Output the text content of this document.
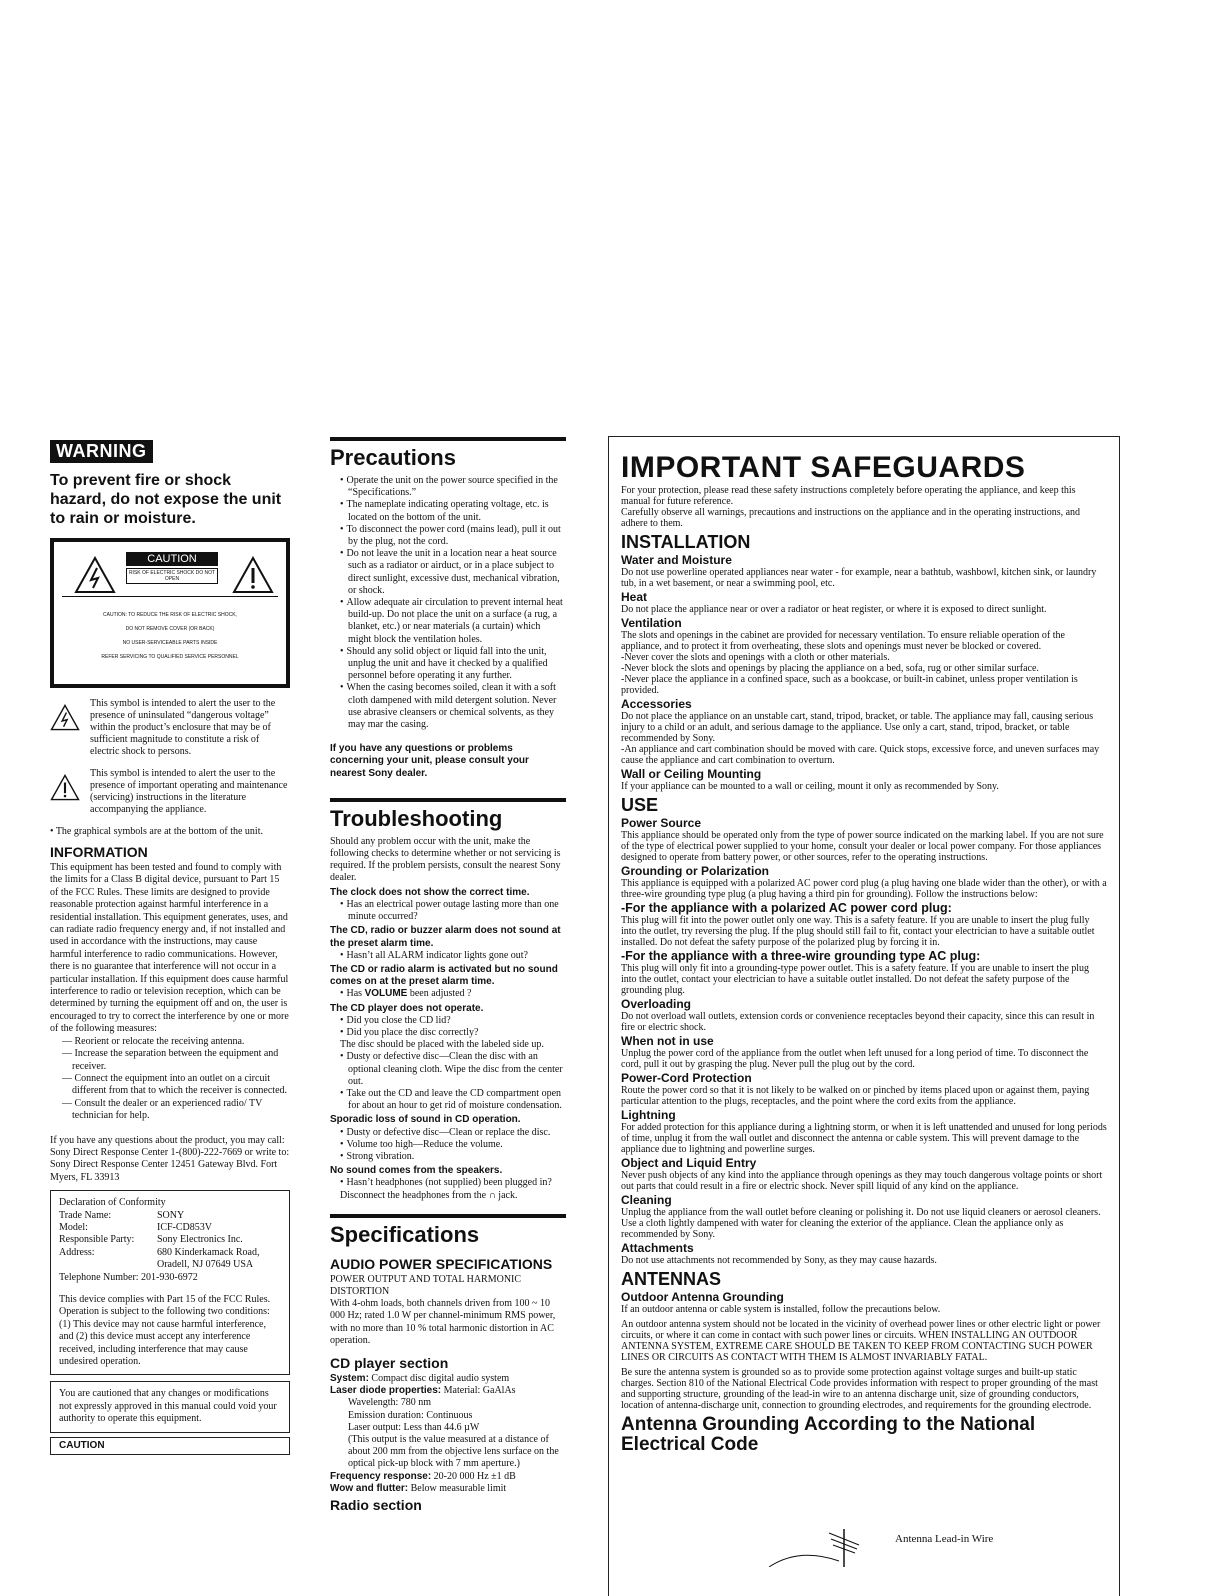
WARNING
To prevent fire or shock hazard, do not expose the unit to rain or moisture.
CAUTION
RISK OF ELECTRIC SHOCK DO NOT OPEN
CAUTION: TO REDUCE THE RISK OF ELECTRIC SHOCK,
DO NOT REMOVE COVER (OR BACK)
NO USER-SERVICEABLE PARTS INSIDE
REFER SERVICING TO QUALIFIED SERVICE PERSONNEL

This symbol is intended to alert the user to the presence of uninsulated “dangerous voltage” within the product’s enclosure that may be of sufficient magnitude to constitute a risk of electric shock to persons.

This symbol is intended to alert the user to the presence of important operating and maintenance (servicing) instructions in the literature accompanying the appliance.

• The graphical symbols are at the bottom of the unit.

INFORMATION

This equipment has been tested and found to comply with the limits for a Class B digital device, pursuant to Part 15 of the FCC Rules. These limits are designed to provide reasonable protection against harmful interference in a residential installation. This equipment generates, uses, and can radiate radio frequency energy and, if not installed and used in accordance with the instructions, may cause harmful interference to radio communications. However, there is no guarantee that interference will not occur in a particular installation. If this equipment does cause harmful interference to radio or television reception, which can be determined by turning the equipment off and on, the user is encouraged to try to correct the interference by one or more of the following measures:

— Reorient or relocate the receiving antenna.
— Increase the separation between the equipment and receiver.
— Connect the equipment into an outlet on a circuit different from that to which the receiver is connected.
— Consult the dealer or an experienced radio/ TV technician for help.

If you have any questions about the product, you may call: Sony Direct Response Center 1-(800)-222-7669 or write to: Sony Direct Response Center 12451 Gateway Blvd. Fort Myers, FL 33913

Declaration of Conformity
Trade Name:	SONY
Model:	ICF-CD853V
Responsible Party:	Sony Electronics Inc.
Address:	680 Kinderkamack Road, Oradell, NJ 07649 USA
Telephone Number: 201-930-6972
This device complies with Part 15 of the FCC Rules. Operation is subject to the following two conditions: (1) This device may not cause harmful interference, and (2) this device must accept any interference received, including interference that may cause undesired operation.
You are cautioned that any changes or modifications not expressly approved in this manual could void your authority to operate this equipment.
CAUTION
Precautions
• Operate the unit on the power source specified in the “Specifications.”
• The nameplate indicating operating voltage, etc. is located on the bottom of the unit.
• To disconnect the power cord (mains lead), pull it out by the plug, not the cord.
• Do not leave the unit in a location near a heat source such as a radiator or airduct, or in a place subject to direct sunlight, excessive dust, mechanical vibration, or shock.
• Allow adequate air circulation to prevent internal heat build-up. Do not place the unit on a surface (a rug, a blanket, etc.) or near materials (a curtain) which might block the ventilation holes.
• Should any solid object or liquid fall into the unit, unplug the unit and have it checked by a qualified personnel before operating it any further.
• When the casing becomes soiled, clean it with a soft cloth dampened with mild detergent solution. Never use abrasive cleansers or chemical solvents, as they may mar the casing.

If you have any questions or problems concerning your unit, please consult your nearest Sony dealer.

Troubleshooting

Should any problem occur with the unit, make the following checks to determine whether or not servicing is required. If the problem persists, consult the nearest Sony dealer.

The clock does not show the correct time.
• Has an electrical power outage lasting more than one minute occurred?
The CD, radio or buzzer alarm does not sound at the preset alarm time.
• Hasn’t all ALARM indicator lights gone out?
The CD or radio alarm is activated but no sound comes on at the preset alarm time.
• Has VOLUME been adjusted ?
The CD player does not operate.
• Did you close the CD lid?
• Did you place the disc correctly?
The disc should be placed with the labeled side up.
• Dusty or defective disc—Clean the disc with an optional cleaning cloth. Wipe the disc from the center out.
• Take out the CD and leave the CD compartment open for about an hour to get rid of moisture condensation.
Sporadic loss of sound in CD operation.
• Dusty or defective disc—Clean or replace the disc.
• Volume too high—Reduce the volume.
• Strong vibration.
No sound comes from the speakers.
• Hasn’t headphones (not supplied) been plugged in?
Disconnect the headphones from the ∩ jack.
Specifications
AUDIO POWER SPECIFICATIONS

POWER OUTPUT AND TOTAL HARMONIC DISTORTION

With 4-ohm loads, both channels driven from 100 ~ 10 000 Hz; rated 1.0 W per channel-minimum RMS power, with no more than 10 % total harmonic distortion in AC operation.

CD player section

System: Compact disc digital audio system

Laser diode properties: Material: GaAlAs

Wavelength: 780 nm

Emission duration: Continuous

Laser output: Less than 44.6 µW

(This output is the value measured at a distance of about 200 mm from the objective lens surface on the optical pick-up block with 7 mm aperture.)

Frequency response: 20-20 000 Hz ±1 dB

Wow and flutter: Below measurable limit

Radio section
IMPORTANT SAFEGUARDS

For your protection, please read these safety instructions completely before operating the appliance, and keep this manual for future reference.

Carefully observe all warnings, precautions and instructions on the appliance and in the operating instructions, and adhere to them.

INSTALLATION
Water and Moisture

Do not use powerline operated appliances near water - for example, near a bathtub, washbowl, kitchen sink, or laundry tub, in a wet basement, or near a swimming pool, etc.

Heat

Do not place the appliance near or over a radiator or heat register, or where it is exposed to direct sunlight.

Ventilation

The slots and openings in the cabinet are provided for necessary ventilation. To ensure reliable operation of the appliance, and to protect it from overheating, these slots and openings must never be blocked or covered.

-Never cover the slots and openings with a cloth or other materials.

-Never block the slots and openings by placing the appliance on a bed, sofa, rug or other similar surface.

-Never place the appliance in a confined space, such as a bookcase, or built-in cabinet, unless proper ventilation is provided.

Accessories

Do not place the appliance on an unstable cart, stand, tripod, bracket, or table. The appliance may fall, causing serious injury to a child or an adult, and serious damage to the appliance. Use only a cart, stand, tripod, bracket, or table recommended by Sony.

-An appliance and cart combination should be moved with care. Quick stops, excessive force, and uneven surfaces may cause the appliance and cart combination to overturn.

Wall or Ceiling Mounting

If your appliance can be mounted to a wall or ceiling, mount it only as recommended by Sony.

USE
Power Source

This appliance should be operated only from the type of power source indicated on the marking label. If you are not sure of the type of electrical power supplied to your home, consult your dealer or local power company. For those appliances designed to operate from battery power, or other sources, refer to the operating instructions.

Grounding or Polarization

This appliance is equipped with a polarized AC power cord plug (a plug having one blade wider than the other), or with a three-wire grounding type plug (a plug having a third pin for grounding). Follow the instructions below:

-For the appliance with a polarized AC power cord plug:

This plug will fit into the power outlet only one way. This is a safety feature. If you are unable to insert the plug fully into the outlet, try reversing the plug. If the plug should still fail to fit, contact your electrician to have a suitable outlet installed. Do not defeat the safety purpose of the polarized plug by forcing it in.

-For the appliance with a three-wire grounding type AC plug:

This plug will only fit into a grounding-type power outlet. This is a safety feature. If you are unable to insert the plug into the outlet, contact your electrician to have a suitable outlet installed. Do not defeat the safety purpose of the grounding plug.

Overloading

Do not overload wall outlets, extension cords or convenience receptacles beyond their capacity, since this can result in fire or electric shock.

When not in use

Unplug the power cord of the appliance from the outlet when left unused for a long period of time. To disconnect the cord, pull it out by grasping the plug. Never pull the plug out by the cord.

Power-Cord Protection

Route the power cord so that it is not likely to be walked on or pinched by items placed upon or against them, paying particular attention to the plugs, receptacles, and the point where the cord exits from the appliance.

Lightning

For added protection for this appliance during a lightning storm, or when it is left unattended and unused for long periods of time, unplug it from the wall outlet and disconnect the antenna or cable system. This will prevent damage to the appliance due to lightning and powerline surges.

Object and Liquid Entry

Never push objects of any kind into the appliance through openings as they may touch dangerous voltage points or short out parts that could result in a fire or electric shock. Never spill liquid of any kind on the appliance.

Cleaning

Unplug the appliance from the wall outlet before cleaning or polishing it. Do not use liquid cleaners or aerosol cleaners. Use a cloth lightly dampened with water for cleaning the exterior of the appliance. Clean the appliance only as recommended by Sony.

Attachments

Do not use attachments not recommended by Sony, as they may cause hazards.

ANTENNAS
Outdoor Antenna Grounding

If an outdoor antenna or cable system is installed, follow the precautions below.

An outdoor antenna system should not be located in the vicinity of overhead power lines or other electric light or power circuits, or where it can come in contact with such power lines or circuits. WHEN INSTALLING AN OUTDOOR ANTENNA SYSTEM, EXTREME CARE SHOULD BE TAKEN TO KEEP FROM CONTACTING SUCH POWER LINES OR CIRCUITS AS CONTACT WITH THEM IS ALMOST INVARIABLY FATAL.

Be sure the antenna system is grounded so as to provide some protection against voltage surges and built-up static charges. Section 810 of the National Electrical Code provides information with respect to proper grounding of the mast and supporting structure, grounding of the lead-in wire to an antenna discharge unit, size of grounding conductors, location of antenna-discharge unit, connection to grounding electrodes, and requirements for the grounding electrode.

Antenna Grounding According to the National Electrical Code
Antenna Lead-in Wire
